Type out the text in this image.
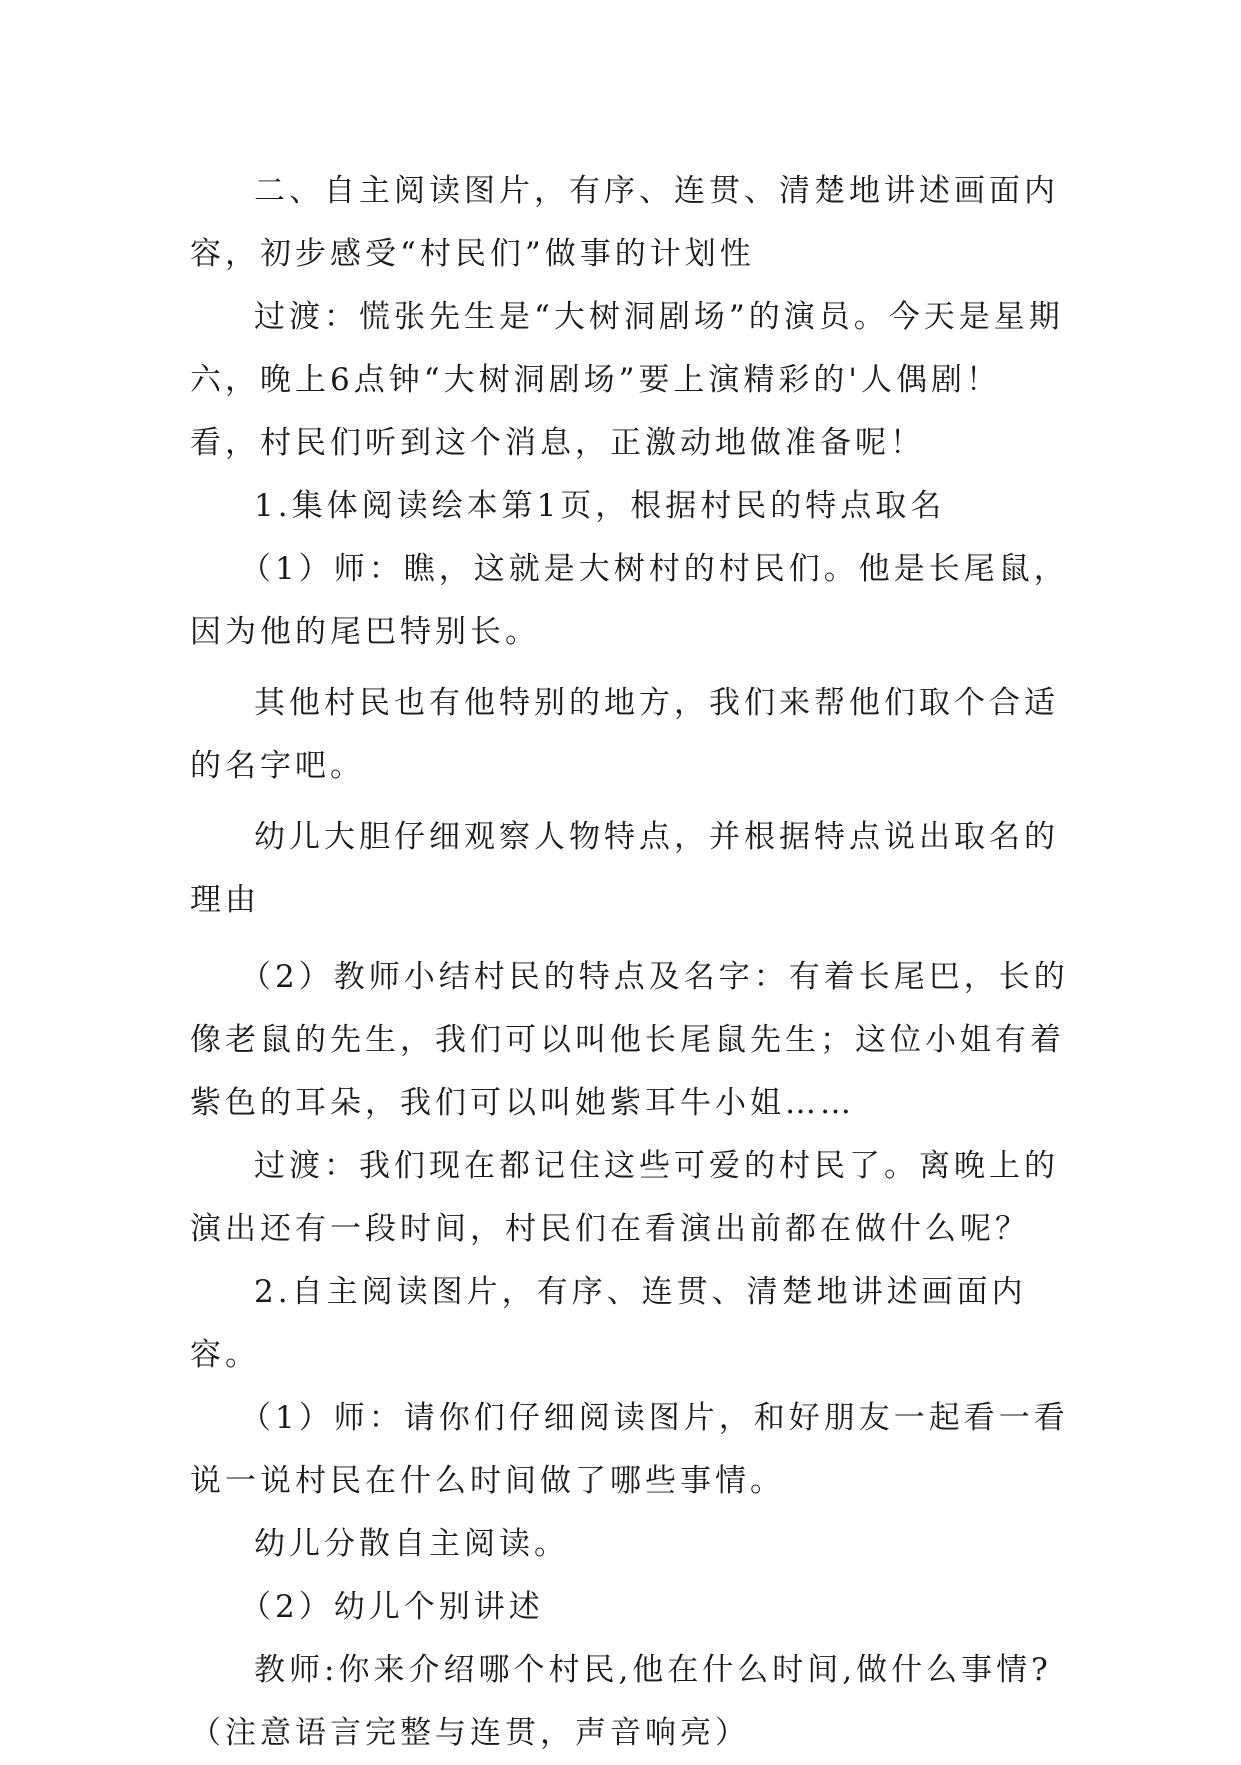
二、自主阅读图片，有序、连贯、清楚地讲述画面内容，初步感受“村民们”做事的计划性

过渡：慌张先生是“大树洞剧场”的演员。今天是星期六，晚上6点钟“大树洞剧场”要上演精彩的'人偶剧！看，村民们听到这个消息，正激动地做准备呢！

1.集体阅读绘本第1页，根据村民的特点取名

（1）师：瞧，这就是大树村的村民们。他是长尾鼠，因为他的尾巴特别长。

其他村民也有他特别的地方，我们来帮他们取个合适的名字吧。

幼儿大胆仔细观察人物特点，并根据特点说出取名的理由

（2）教师小结村民的特点及名字：有着长尾巴，长的像老鼠的先生，我们可以叫他长尾鼠先生；这位小姐有着紫色的耳朵，我们可以叫她紫耳牛小姐……

过渡：我们现在都记住这些可爱的村民了。离晚上的演出还有一段时间，村民们在看演出前都在做什么呢？

2.自主阅读图片，有序、连贯、清楚地讲述画面内容。

（1）师：请你们仔细阅读图片，和好朋友一起看一看说一说村民在什么时间做了哪些事情。

幼儿分散自主阅读。

（2）幼儿个别讲述

教师:你来介绍哪个村民,他在什么时间,做什么事情?

（注意语言完整与连贯，声音响亮）
